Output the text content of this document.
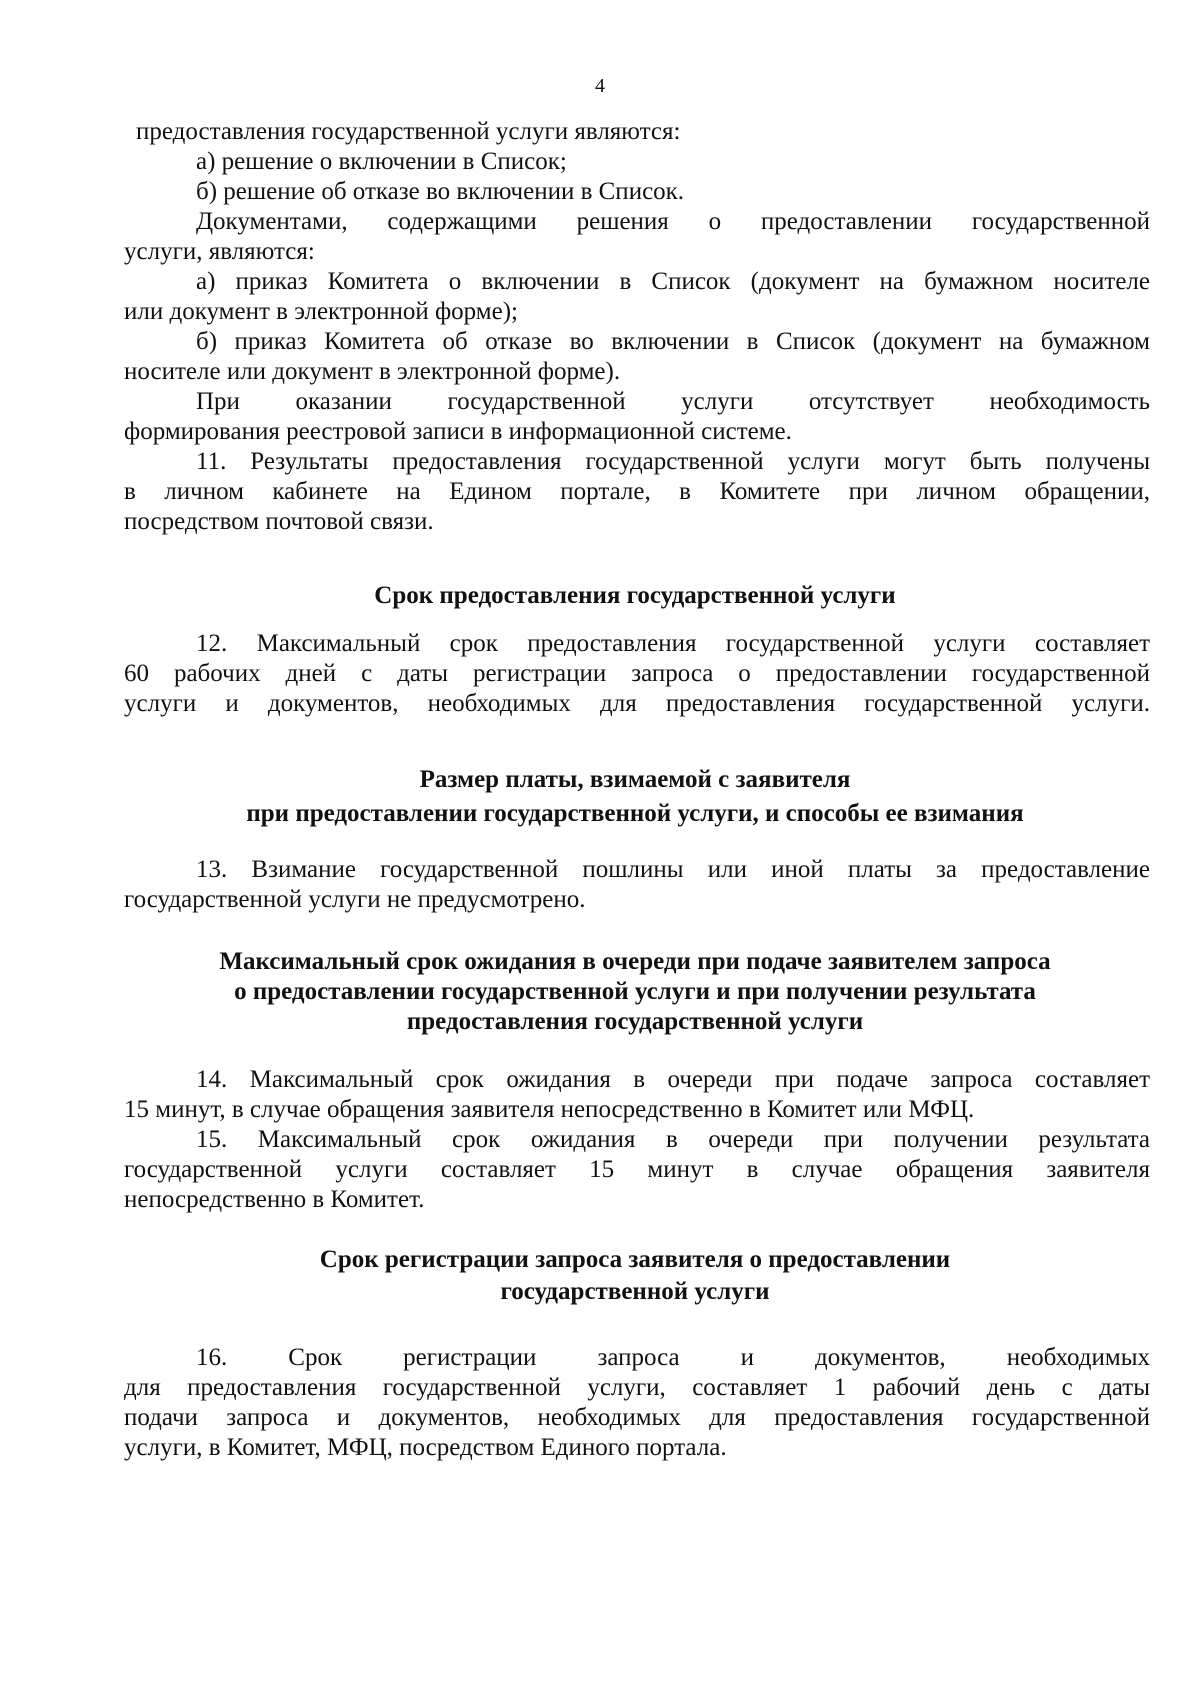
4
предоставления государственной услуги являются:
а) решение о включении в Список;
б) решение об отказе во включении в Список.
Документами, содержащими решения о предоставлении государственной
услуги, являются:
а) приказ Комитета о включении в Список (документ на бумажном носителе
или документ в электронной форме);
б) приказ Комитета об отказе во включении в Список (документ на бумажном
носителе или документ в электронной форме).
При оказании государственной услуги отсутствует необходимость
формирования реестровой записи в информационной системе.
11. Результаты предоставления государственной услуги могут быть получены
в личном кабинете на Едином портале, в Комитете при личном обращении,
посредством почтовой связи.
Срок предоставления государственной услуги
12. Максимальный срок предоставления государственной услуги составляет
60 рабочих дней с даты регистрации запроса о предоставлении государственной
услуги и документов, необходимых для предоставления государственной услуги.
Размер платы, взимаемой с заявителя
при предоставлении государственной услуги, и способы ее взимания
13. Взимание государственной пошлины или иной платы за предоставление
государственной услуги не предусмотрено.
Максимальный срок ожидания в очереди при подаче заявителем запроса
о предоставлении государственной услуги и при получении результата
предоставления государственной услуги
14. Максимальный срок ожидания в очереди при подаче запроса составляет
15 минут, в случае обращения заявителя непосредственно в Комитет или МФЦ.
15. Максимальный срок ожидания в очереди при получении результата
государственной услуги составляет 15 минут в случае обращения заявителя
непосредственно в Комитет.
Срок регистрации запроса заявителя о предоставлении
государственной услуги
16. Срок регистрации запроса и документов, необходимых
для предоставления государственной услуги, составляет 1 рабочий день с даты
подачи запроса и документов, необходимых для предоставления государственной
услуги, в Комитет, МФЦ, посредством Единого портала.
